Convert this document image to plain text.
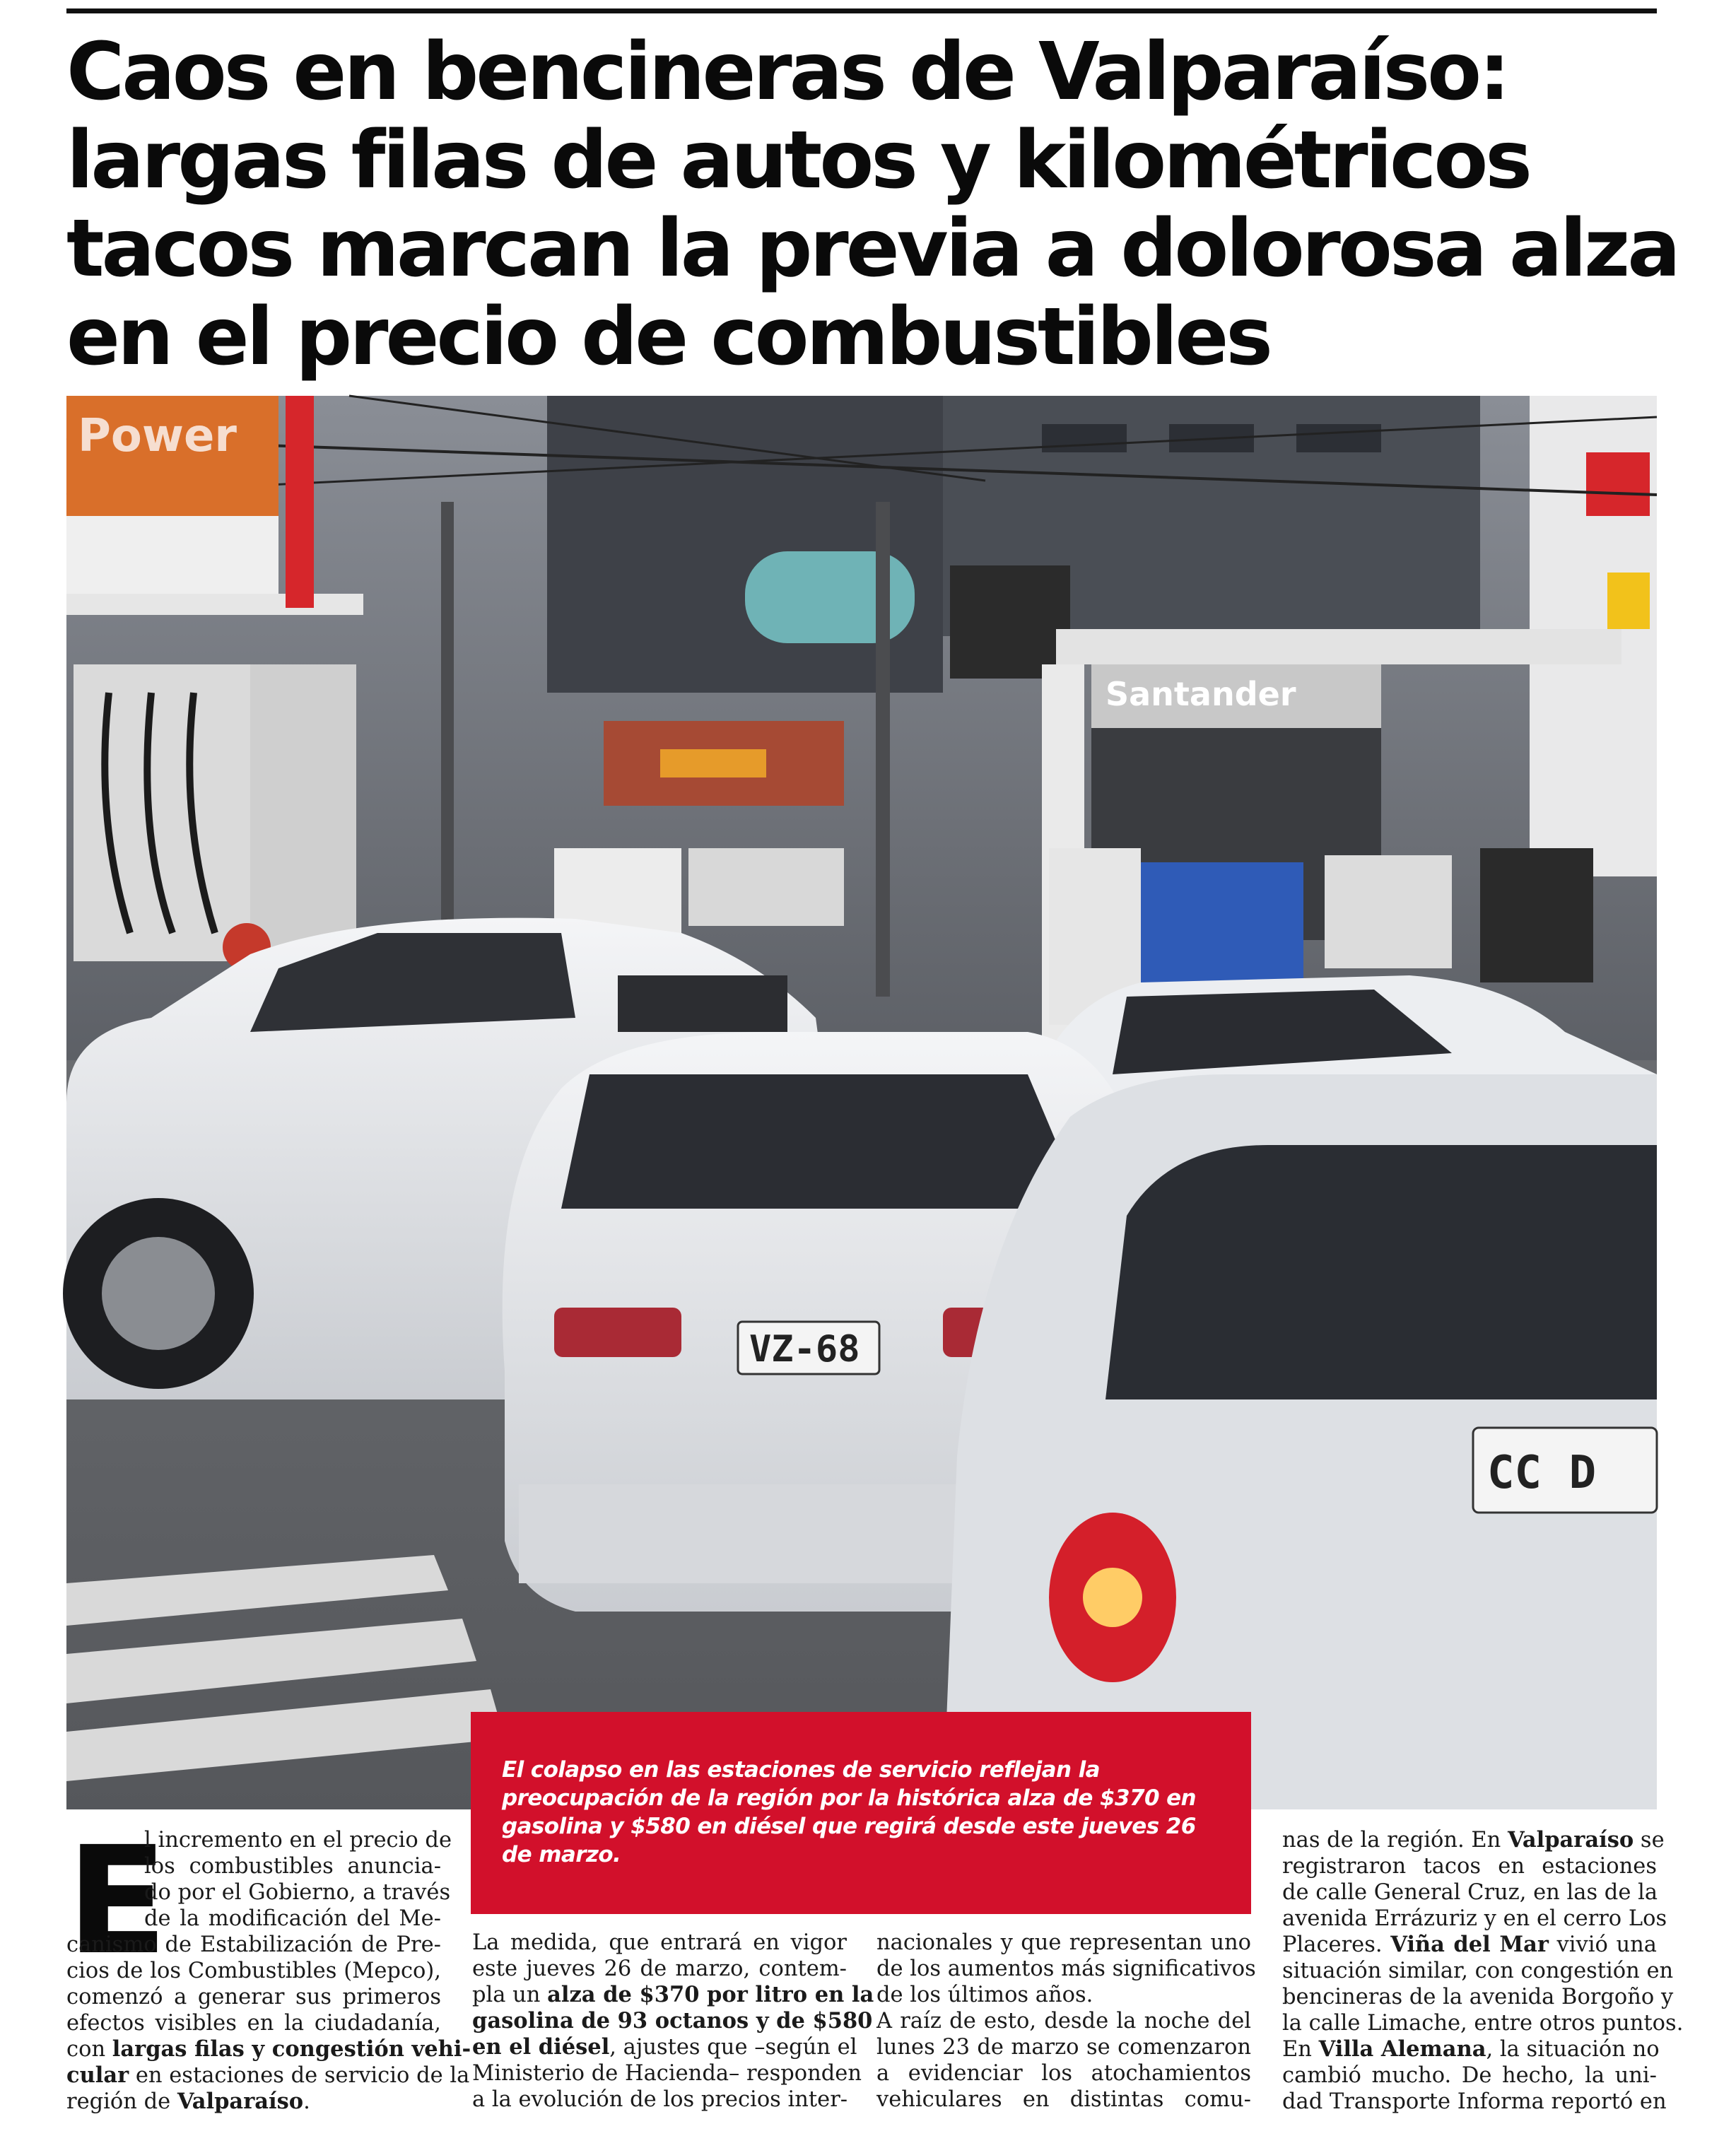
Caos en bencineras de Valparaíso:
largas filas de autos y kilométricos
tacos marcan la previa a dolorosa alza
en el precio de combustibles
Power
Santander
VZ-68
CC D

El colapso en las estaciones de servicio reflejan la preocupación de la región por la histórica alza de $370 en gasolina y $580 en diésel que regirá desde este jueves 26 de marzo.

E
l incremento en el precio de
los combustibles anuncia-
do por el Gobierno, a través
de la modificación del Me-
canismo de Estabilización de Pre-
cios de los Combustibles (Mepco),
comenzó a generar sus primeros
efectos visibles en la ciudadanía,
con largas filas y congestión vehi-
cular en estaciones de servicio de la
región de Valparaíso.
La medida, que entrará en vigor
este jueves 26 de marzo, contem-
pla un alza de $370 por litro en la
gasolina de 93 octanos y de $580
en el diésel, ajustes que –según el
Ministerio de Hacienda– responden
a la evolución de los precios inter-
nacionales y que representan uno
de los aumentos más significativos
de los últimos años.
A raíz de esto, desde la noche del
lunes 23 de marzo se comenzaron
a evidenciar los atochamientos
vehiculares en distintas comu-
nas de la región. En Valparaíso se
registraron tacos en estaciones
de calle General Cruz, en las de la
avenida Errázuriz y en el cerro Los
Placeres. Viña del Mar vivió una
situación similar, con congestión en
bencineras de la avenida Borgoño y
la calle Limache, entre otros puntos.
En Villa Alemana, la situación no
cambió mucho. De hecho, la uni-
dad Transporte Informa reportó en
